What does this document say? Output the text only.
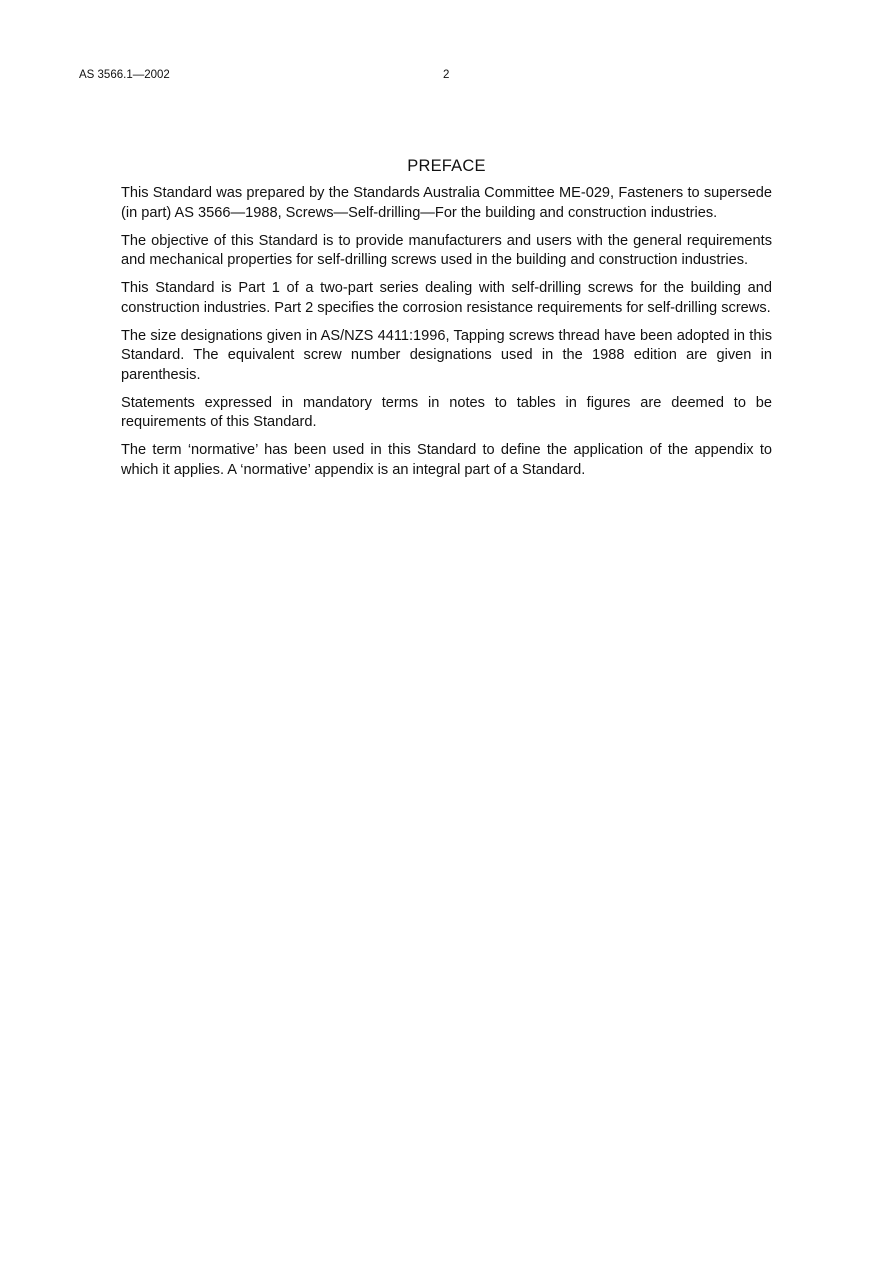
AS 3566.1—2002	2
PREFACE

This Standard was prepared by the Standards Australia Committee ME-029, Fasteners to supersede (in part) AS 3566—1988, Screws—Self-drilling—For the building and construction industries.

The objective of this Standard is to provide manufacturers and users with the general requirements and mechanical properties for self-drilling screws used in the building and construction industries.

This Standard is Part 1 of a two-part series dealing with self-drilling screws for the building and construction industries. Part 2 specifies the corrosion resistance requirements for self-drilling screws.

The size designations given in AS/NZS 4411:1996, Tapping screws thread have been adopted in this Standard. The equivalent screw number designations used in the 1988 edition are given in parenthesis.

Statements expressed in mandatory terms in notes to tables in figures are deemed to be requirements of this Standard.

The term ‘normative’ has been used in this Standard to define the application of the appendix to which it applies. A ‘normative’ appendix is an integral part of a Standard.
